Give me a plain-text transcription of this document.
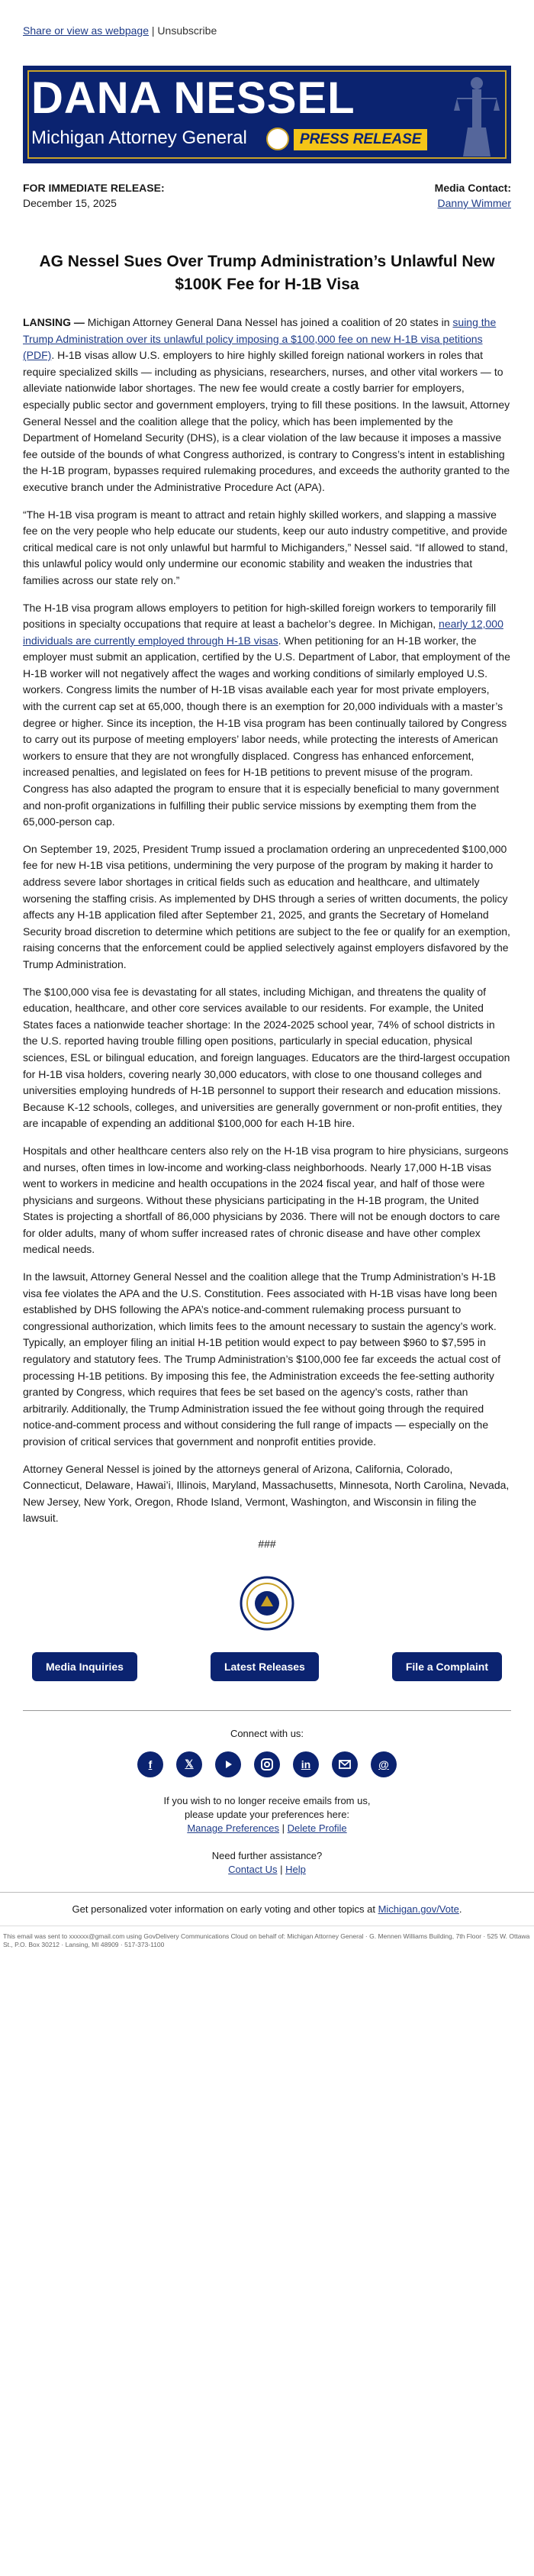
Share or view as webpage | Unsubscribe
DANA NESSEL
Michigan Attorney General	PRESS RELEASE
FOR IMMEDIATE RELEASE:
December 15, 2025
Media Contact:
Danny Wimmer
AG Nessel Sues Over Trump Administration’s Unlawful New $100K Fee for H-1B Visa

LANSING — Michigan Attorney General Dana Nessel has joined a coalition of 20 states in suing the Trump Administration over its unlawful policy imposing a $100,000 fee on new H-1B visa petitions (PDF). H-1B visas allow U.S. employers to hire highly skilled foreign national workers in roles that require specialized skills — including as physicians, researchers, nurses, and other vital workers — to alleviate nationwide labor shortages. The new fee would create a costly barrier for employers, especially public sector and government employers, trying to fill these positions. In the lawsuit, Attorney General Nessel and the coalition allege that the policy, which has been implemented by the Department of Homeland Security (DHS), is a clear violation of the law because it imposes a massive fee outside of the bounds of what Congress authorized, is contrary to Congress’s intent in establishing the H-1B program, bypasses required rulemaking procedures, and exceeds the authority granted to the executive branch under the Administrative Procedure Act (APA).

“The H-1B visa program is meant to attract and retain highly skilled workers, and slapping a massive fee on the very people who help educate our students, keep our auto industry competitive, and provide critical medical care is not only unlawful but harmful to Michiganders,” Nessel said. “If allowed to stand, this unlawful policy would only undermine our economic stability and weaken the industries that families across our state rely on.”

The H-1B visa program allows employers to petition for high-skilled foreign workers to temporarily fill positions in specialty occupations that require at least a bachelor’s degree. In Michigan, nearly 12,000 individuals are currently employed through H-1B visas. When petitioning for an H-1B worker, the employer must submit an application, certified by the U.S. Department of Labor, that employment of the H-1B worker will not negatively affect the wages and working conditions of similarly employed U.S. workers. Congress limits the number of H-1B visas available each year for most private employers, with the current cap set at 65,000, though there is an exemption for 20,000 individuals with a master’s degree or higher. Since its inception, the H-1B visa program has been continually tailored by Congress to carry out its purpose of meeting employers’ labor needs, while protecting the interests of American workers to ensure that they are not wrongfully displaced. Congress has enhanced enforcement, increased penalties, and legislated on fees for H-1B petitions to prevent misuse of the program. Congress has also adapted the program to ensure that it is especially beneficial to many government and non-profit organizations in fulfilling their public service missions by exempting them from the 65,000-person cap.

On September 19, 2025, President Trump issued a proclamation ordering an unprecedented $100,000 fee for new H-1B visa petitions, undermining the very purpose of the program by making it harder to address severe labor shortages in critical fields such as education and healthcare, and ultimately worsening the staffing crisis. As implemented by DHS through a series of written documents, the policy affects any H-1B application filed after September 21, 2025, and grants the Secretary of Homeland Security broad discretion to determine which petitions are subject to the fee or qualify for an exemption, raising concerns that the enforcement could be applied selectively against employers disfavored by the Trump Administration.

The $100,000 visa fee is devastating for all states, including Michigan, and threatens the quality of education, healthcare, and other core services available to our residents. For example, the United States faces a nationwide teacher shortage: In the 2024-2025 school year, 74% of school districts in the U.S. reported having trouble filling open positions, particularly in special education, physical sciences, ESL or bilingual education, and foreign languages. Educators are the third-largest occupation for H-1B visa holders, covering nearly 30,000 educators, with close to one thousand colleges and universities employing hundreds of H-1B personnel to support their research and education missions. Because K-12 schools, colleges, and universities are generally government or non-profit entities, they are incapable of expending an additional $100,000 for each H-1B hire.

Hospitals and other healthcare centers also rely on the H-1B visa program to hire physicians, surgeons and nurses, often times in low-income and working-class neighborhoods. Nearly 17,000 H-1B visas went to workers in medicine and health occupations in the 2024 fiscal year, and half of those were physicians and surgeons. Without these physicians participating in the H-1B program, the United States is projecting a shortfall of 86,000 physicians by 2036. There will not be enough doctors to care for older adults, many of whom suffer increased rates of chronic disease and have other complex medical needs.

In the lawsuit, Attorney General Nessel and the coalition allege that the Trump Administration’s H-1B visa fee violates the APA and the U.S. Constitution. Fees associated with H-1B visas have long been established by DHS following the APA’s notice-and-comment rulemaking process pursuant to congressional authorization, which limits fees to the amount necessary to sustain the agency’s work. Typically, an employer filing an initial H-1B petition would expect to pay between $960 to $7,595 in regulatory and statutory fees. The Trump Administration’s $100,000 fee far exceeds the actual cost of processing H-1B petitions. By imposing this fee, the Administration exceeds the fee-setting authority granted by Congress, which requires that fees be set based on the agency’s costs, rather than arbitrarily. Additionally, the Trump Administration issued the fee without going through the required notice-and-comment process and without considering the full range of impacts — especially on the provision of critical services that government and nonprofit entities provide.

Attorney General Nessel is joined by the attorneys general of Arizona, California, Colorado, Connecticut, Delaware, Hawai’i, Illinois, Maryland, Massachusetts, Minnesota, North Carolina, Nevada, New Jersey, New York, Oregon, Rhode Island, Vermont, Washington, and Wisconsin in filing the lawsuit.

###
Media Inquiries	Latest Releases	File a Complaint
Connect with us:
f	𝕏	in	@
If you wish to no longer receive emails from us,
please update your preferences here:
Manage Preferences | Delete Profile
Need further assistance?
Contact Us | Help
Get personalized voter information on early voting and other topics at Michigan.gov/Vote.
This email was sent to xxxxxx@gmail.com using GovDelivery Communications Cloud on behalf of: Michigan Attorney General · G. Mennen Williams Building, 7th Floor · 525 W. Ottawa St., P.O. Box 30212 · Lansing, MI 48909 · 517-373-1100
